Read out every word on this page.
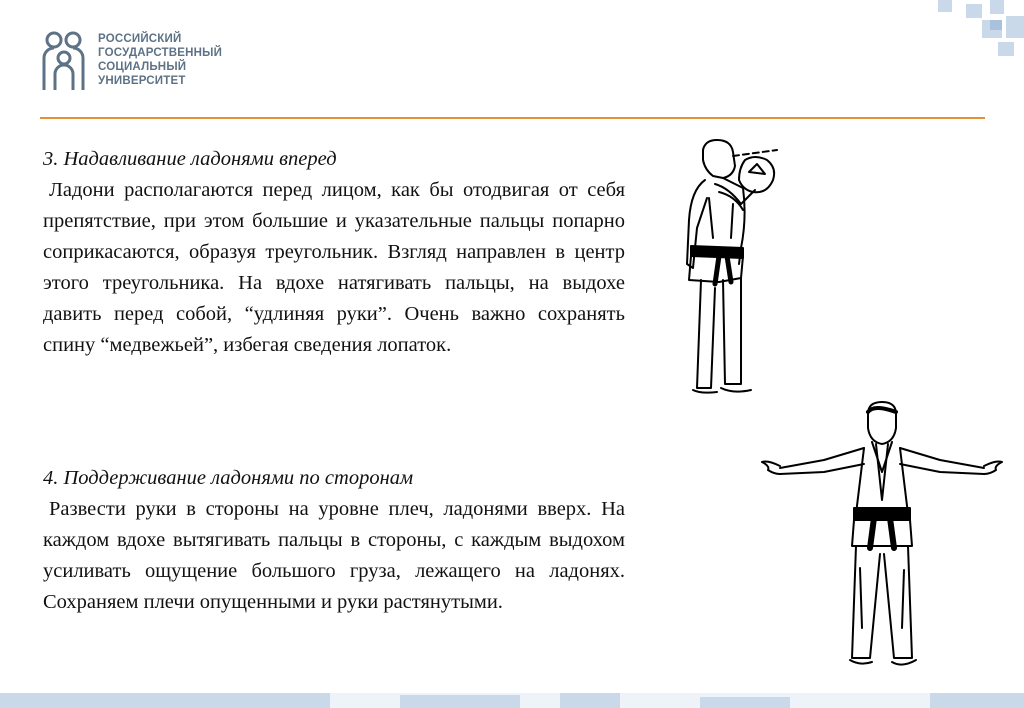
РОССИЙСКИЙ
ГОСУДАРСТВЕННЫЙ
СОЦИАЛЬНЫЙ
УНИВЕРСИТЕТ
3. Надавливание ладонями вперед
Ладони располагаются перед лицом, как бы отодвигая от себя препятствие, при этом большие и указательные пальцы попарно соприкасаются, образуя треугольник. Взгляд направлен в центр этого треугольника. На вдохе натягивать пальцы, на выдохе давить перед собой, “удлиняя руки”. Очень важно сохранять спину “медвежьей”, избегая сведения лопаток.
4. Поддерживание ладонями по сторонам
Развести руки в стороны на уровне плеч, ладонями вверх. На каждом вдохе вытягивать пальцы в стороны, с каждым выдохом усиливать ощущение большого груза, лежащего на ладонях. Сохраняем плечи опущенными и руки растянутыми.
